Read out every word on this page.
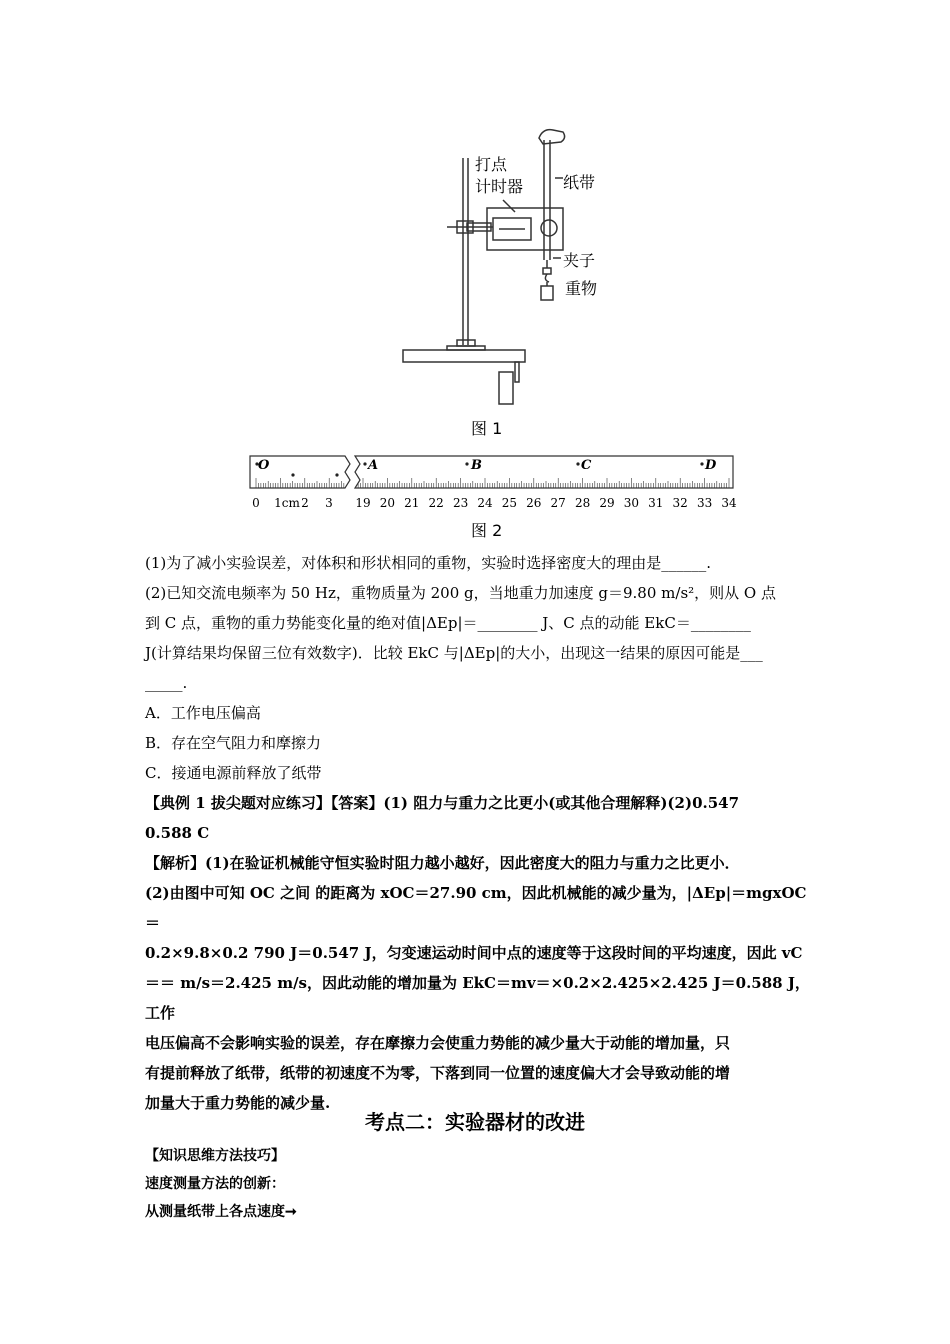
打点
计时器 纸带
夹子
重物
图 1
O	A	B	C	D
0 1cm 2 3 19 20 21 22 23 24 25 26 27 28 29 30 31 32 33 34
图 2

(1)为了减小实验误差，对体积和形状相同的重物，实验时选择密度大的理由是______.

(2)已知交流电频率为 50 Hz，重物质量为 200 g，当地重力加速度 g＝9.80 m/s²，则从 O 点

到 C 点，重物的重力势能变化量的绝对值|ΔEp|＝________ J、C 点的动能 EkC＝________

J(计算结果均保留三位有效数字)．比较 EkC 与|ΔEp|的大小，出现这一结果的原因可能是___

_____.

A．工作电压偏高

B．存在空气阻力和摩擦力

C．接通电源前释放了纸带

【典例 1 拔尖题对应练习】【答案】(1) 阻力与重力之比更小(或其他合理解释)(2)0.547

0.588 C

【解析】(1)在验证机械能守恒实验时阻力越小越好，因此密度大的阻力与重力之比更小．

(2)由图中可知 OC 之间 的距离为 xOC＝27.90 cm，因此机械能的减少量为，|ΔEp|＝mgxOC＝

0.2×9.8×0.2 790 J＝0.547 J，匀变速运动时间中点的速度等于这段时间的平均速度，因此 vC

＝＝ m/s＝2.425 m/s，因此动能的增加量为 EkC＝mv＝×0.2×2.425×2.425 J＝0.588 J，工作

电压偏高不会影响实验的误差，存在摩擦力会使重力势能的减少量大于动能的增加量，只

有提前释放了纸带，纸带的初速度不为零，下落到同一位置的速度偏大才会导致动能的增

加量大于重力势能的减少量.

考点二：实验器材的改进
【知识思维方法技巧】
速度测量方法的创新：
从测量纸带上各点速度➞
